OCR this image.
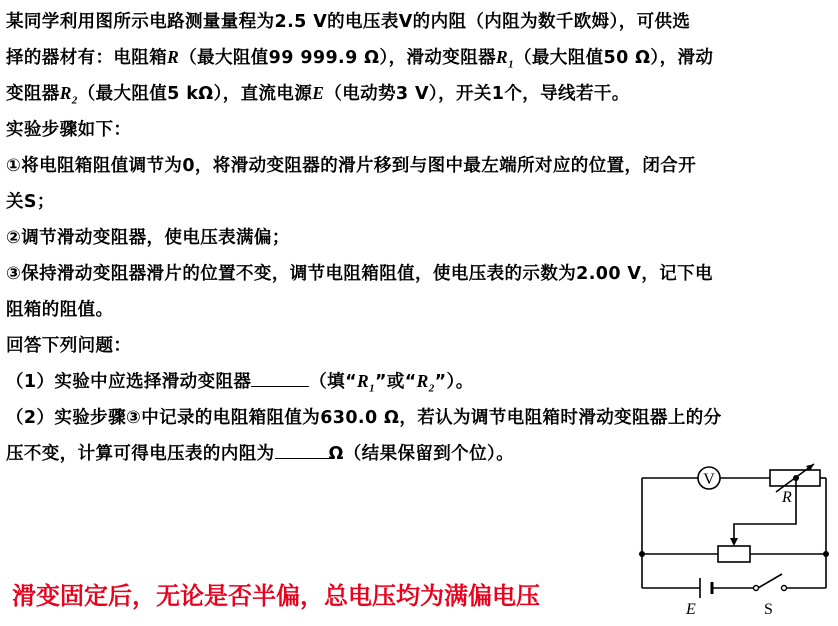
某同学利用图所示电路测量量程为2.5 V的电压表V的内阻（内阻为数千欧姆），可供选
择的器材有：电阻箱R（最大阻值99 999.9 Ω），滑动变阻器$R_1$（最大阻值50 Ω），滑动
变阻器$R_2$（最大阻值5 kΩ），直流电源E（电动势3 V），开关1个，导线若干。
实验步骤如下：
①将电阻箱阻值调节为0，将滑动变阻器的滑片移到与图中最左端所对应的位置，闭合开
关S；
②调节滑动变阻器，使电压表满偏；
③保持滑动变阻器滑片的位置不变，调节电阻箱阻值，使电压表的示数为2.00 V，记下电
阻箱的阻值。
回答下列问题：
（1）实验中应选择滑动变阻器	（填“$R_1$”或“$R_2$”）。
（2）实验步骤③中记录的电阻箱阻值为630.0 Ω，若认为调节电阻箱时滑动变阻器上的分
压不变，计算可得电压表的内阻为	Ω（结果保留到个位）。
V
R
E	S
滑变固定后，无论是否半偏，总电压均为满偏电压
